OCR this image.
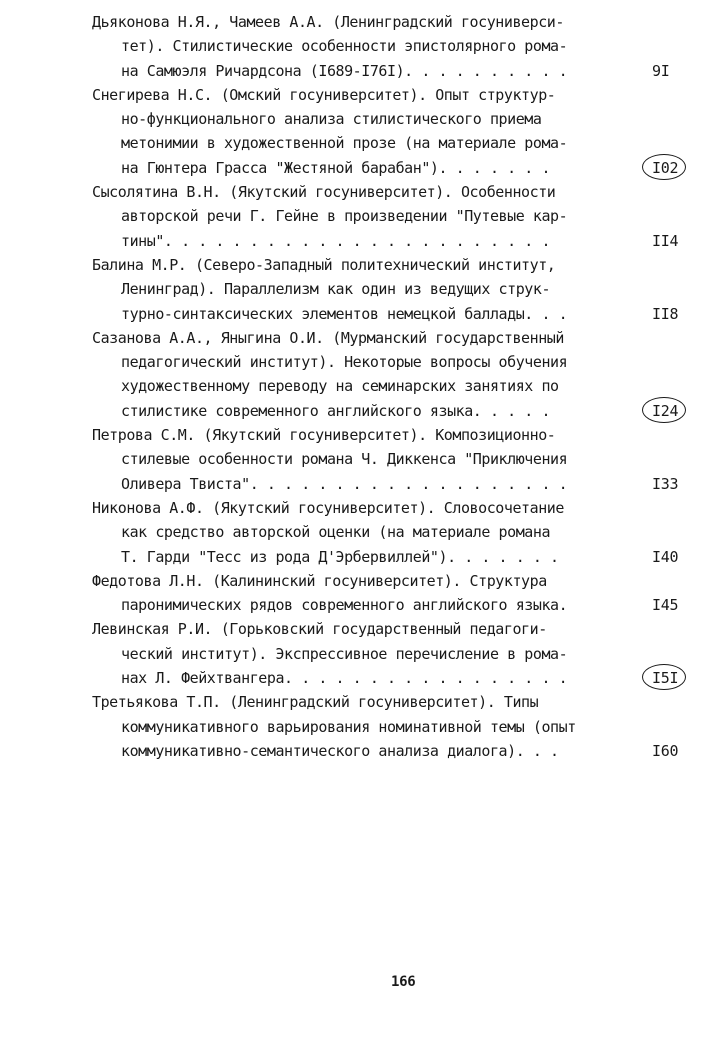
Дьяконова Н.Я., Чамеев А.А. (Ленинградский госуниверси-
тет). Стилистические особенности эпистолярного рома-
на Самюэля Ричардсона (I689-I76I). . . . . . . . . .	9I
Снегирева Н.С. (Омский госуниверситет). Опыт структур-
но-функционального анализа стилистического приема
метонимии в художественной прозе (на материале рома-
на Гюнтера Грасса "Жестяной барабан"). . . . . . .	I02
Сысолятина В.Н. (Якутский госуниверситет). Особенности
авторской речи Г. Гейне в произведении "Путевые кар-
тины". . . . . . . . . . . . . . . . . . . . . . .	II4
Балина М.Р. (Северо-Западный политехнический институт,
Ленинград). Параллелизм как один из ведущих струк-
турно-синтаксических элементов немецкой баллады. . .	II8
Сазанова А.А., Яныгина О.И. (Мурманский государственный
педагогический институт). Некоторые вопросы обучения
художественному переводу на семинарских занятиях по
стилистике современного английского языка. . . . .	I24
Петрова С.М. (Якутский госуниверситет). Композиционно-
стилевые особенности романа Ч. Диккенса "Приключения
Оливера Твиста". . . . . . . . . . . . . . . . . . .	I33
Никонова А.Ф. (Якутский госуниверситет). Словосочетание
как средство авторской оценки (на материале романа
Т. Гарди "Тесс из рода Д'Эрбервиллей"). . . . . . .	I40
Федотова Л.Н. (Калининский госуниверситет). Структура
паронимических рядов современного английского языка.	I45
Левинская Р.И. (Горьковский государственный педагоги-
ческий институт). Экспрессивное перечисление в рома-
нах Л. Фейхтвангера. . . . . . . . . . . . . . . . .	I5I
Третьякова Т.П. (Ленинградский госуниверситет). Типы
коммуникативного варьирования номинативной темы (опыт
коммуникативно-семантического анализа диалога). . .	I60
166
